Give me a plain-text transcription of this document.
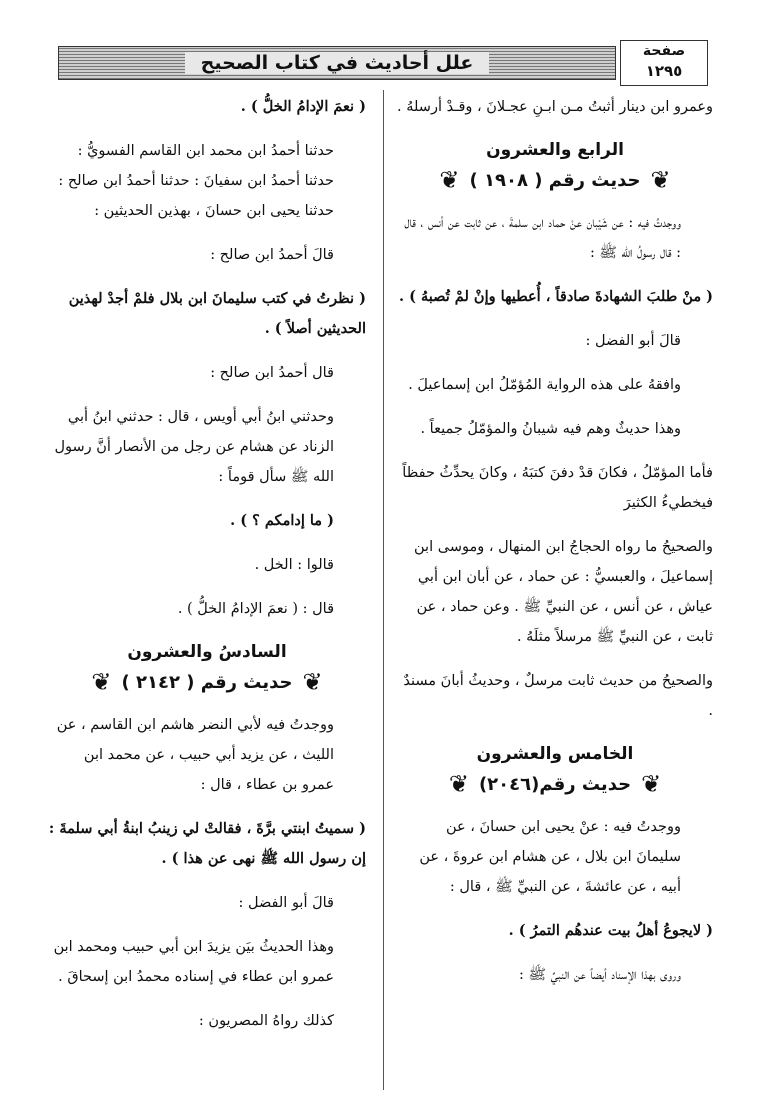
علل أحاديث في كتاب الصحيح
صفحة
١٢٩٥

وعمرو ابن دينار أثبتُ مـن ابـنِ عجـلانَ ، وقـدْ أرسلهُ .

الرابع والعشرون
❦
حديث رقم ( ١٩٠٨ )
❦

ووجدتُ فيه : عن شَيْبان عنْ حماد ابن سلمةَ ، عن ثابت عن أنس ، قال : قال رسولُ الله ﷺ :

( منْ طلبَ الشهادةَ صادقاً ، أُعطيها وإنْ لمْ تُصبهُ ) .

قالَ أبو الفضل :

وافقهُ على هذه الرواية المُؤمّلُ ابن إسماعيلَ .

وهذا حديثٌ وهم فيه شيبانُ والمؤمّلُ جميعاً .

فأما المؤمّلُ ، فكانَ قدْ دفنَ كتبَهُ ، وكانَ يحدِّثُ حفظاً فيخطيءُ الكثيرَ

والصحيحُ ما رواه الحجاجُ ابن المنهال ، وموسى ابن إسماعيلَ ، والعبسيُّ : عن حماد ، عن أبان ابن أبي عياش ، عن أنس ، عن النبيِّ ﷺ . وعن حماد ، عن ثابت ، عن النبيِّ ﷺ مرسلاً مثلَهُ .

والصحيحُ من حديث ثابت مرسلٌ ، وحديثُ أبانَ مسندٌ .

الخامس والعشرون
❦
حديث رقم(٢٠٤٦)
❦

ووجدتُ فيه : عنْ يحيى ابن حسانَ ، عن سليمانَ ابن بلال ، عن هشام ابن عروةَ ، عن أبيه ، عن عائشةَ ، عن النبيِّ ﷺ ، قال :

( لايجوعُ أهلُ بيت عندهُم التمرُ ) .

وروى بهذا الإسناد أيضاً عن النبيِّ ﷺ :

( نعمَ الإدامُ الخلُّ ) .

حدثنا أحمدُ ابن محمد ابن القاسم الفسويُّ : حدثنا أحمدُ ابن سفيانَ : حدثنا أحمدُ ابن صالح : حدثنا يحيى ابن حسانَ ، بهذين الحديثين :

قالَ أحمدُ ابن صالح :

( نظرتُ في كتب سليمانَ ابن بلال فلمْ أجدْ لهذين الحديثين أصلاً ) .

قال أحمدُ ابن صالح :

وحدثني ابنُ أبي أويس ، قال : حدثني ابنُ أبي الزناد عن هشام عن رجل من الأنصار أنَّ رسول الله ﷺ سأل قوماً :

( ما إدامكم ؟ ) .

قالوا : الخل .

قال : ( نعمَ الإدامُ الخلُّ ) .

السادسُ والعشرون
❦
حديث رقم ( ٢١٤٢ )
❦

ووجدتُ فيه لأبي النضر هاشم ابن القاسم ، عن الليث ، عن يزيد أبي حبيب ، عن محمد ابن عمرو بن عطاء ، قال :

( سميتُ ابنتي برَّةَ ، فقالتْ لي زينبُ ابنةُ أبي سلمةَ : إن رسول الله ﷺ نهى عن هذا ) .

قالَ أبو الفضل :

وهذا الحديثُ بيَن يزيدَ ابن أبي حبيب ومحمد ابن عمرو ابن عطاء في إسناده محمدُ ابن إسحاقَ .

كذلك رواهُ المصريون :
